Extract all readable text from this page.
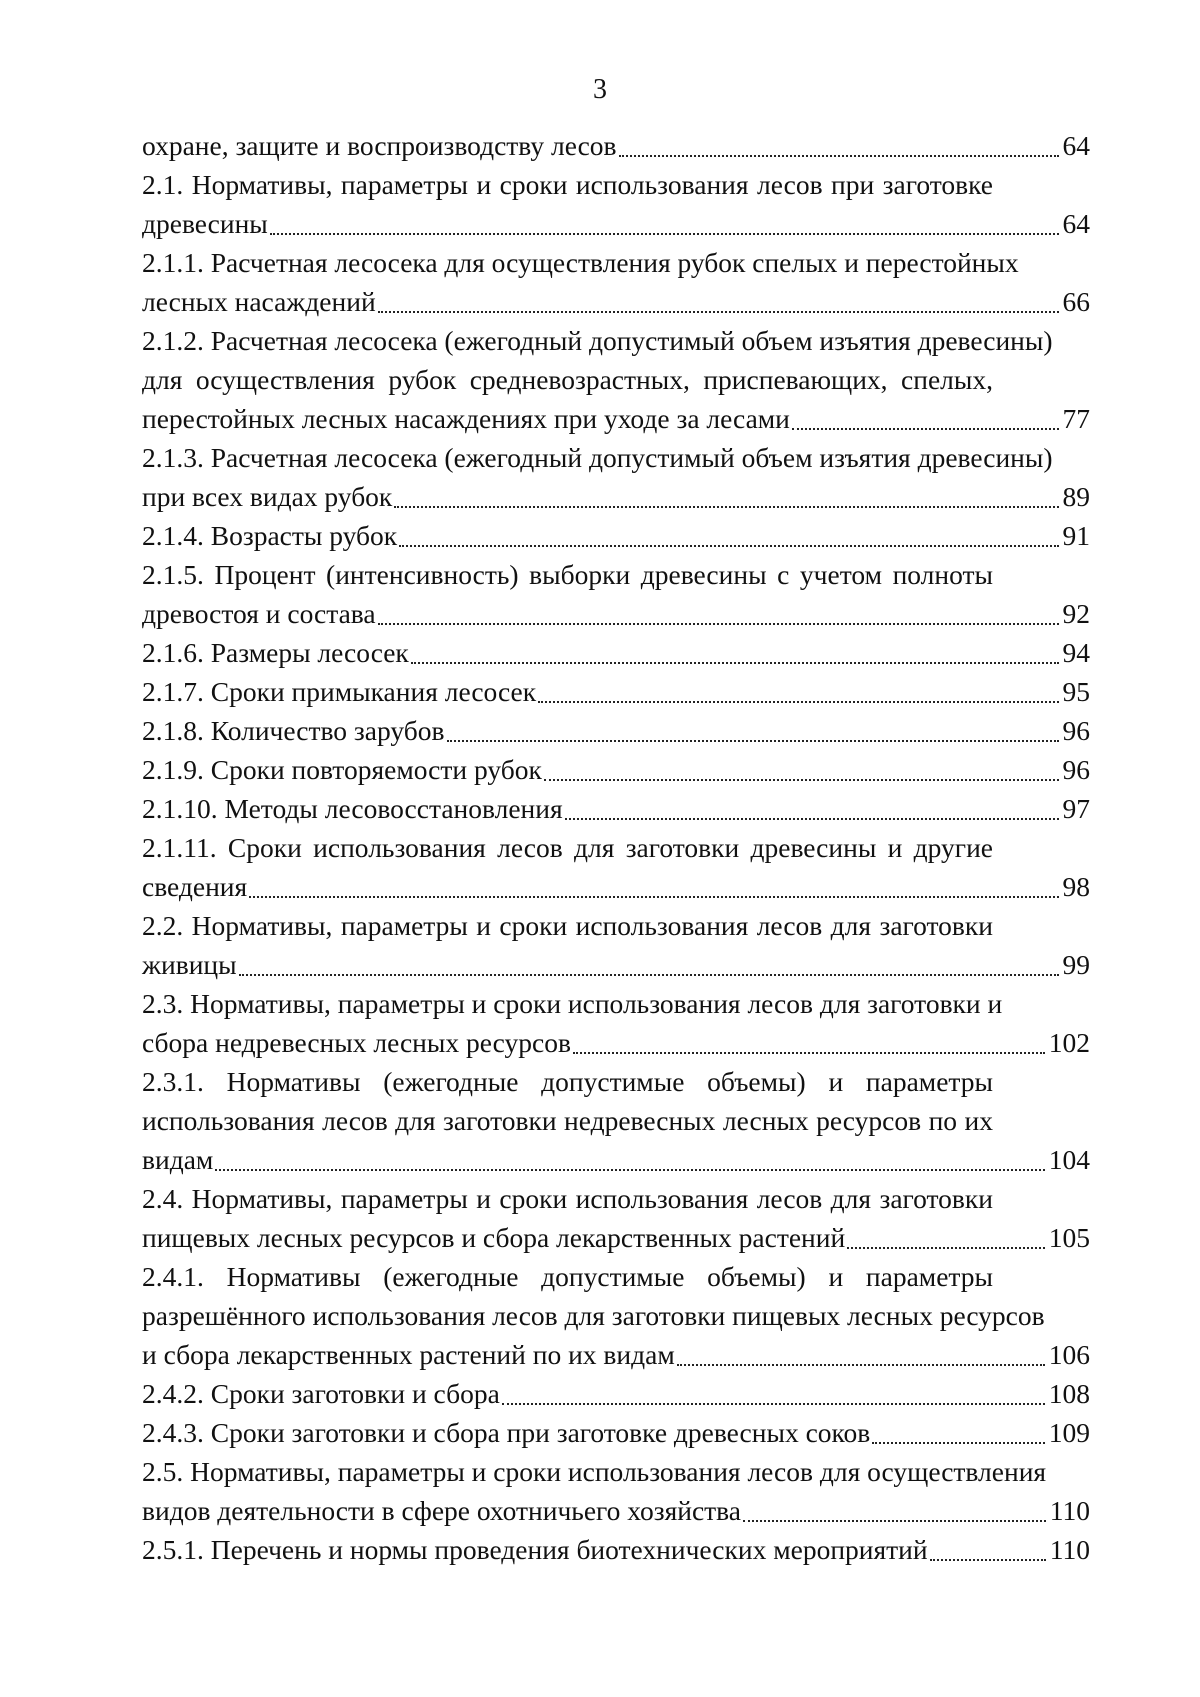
3
охране, защите и воспроизводству лесов	64
2.1. Нормативы, параметры и сроки использования лесов при заготовке
древесины	64
2.1.1. Расчетная лесосека для осуществления рубок спелых и перестойных
лесных насаждений	66
2.1.2. Расчетная лесосека (ежегодный допустимый объем изъятия древесины)
для осуществления рубок средневозрастных, приспевающих, спелых,
перестойных лесных насаждениях при уходе за лесами	77
2.1.3. Расчетная лесосека (ежегодный допустимый объем изъятия древесины)
при всех видах рубок	89
2.1.4. Возрасты рубок	91
2.1.5. Процент (интенсивность) выборки древесины с учетом полноты
древостоя и состава	92
2.1.6. Размеры лесосек	94
2.1.7. Сроки примыкания лесосек	95
2.1.8. Количество зарубов	96
2.1.9. Сроки повторяемости рубок	96
2.1.10. Методы лесовосстановления	97
2.1.11. Сроки использования лесов для заготовки древесины и другие
сведения	98
2.2. Нормативы, параметры и сроки использования лесов для заготовки
живицы	99
2.3. Нормативы, параметры и сроки использования лесов для заготовки и
сбора недревесных лесных ресурсов	102
2.3.1. Нормативы (ежегодные допустимые объемы) и параметры
использования лесов для заготовки недревесных лесных ресурсов по их
видам	104
2.4. Нормативы, параметры и сроки использования лесов для заготовки
пищевых лесных ресурсов и сбора лекарственных растений	105
2.4.1. Нормативы (ежегодные допустимые объемы) и параметры
разрешённого использования лесов для заготовки пищевых лесных ресурсов
и сбора лекарственных растений по их видам	106
2.4.2. Сроки заготовки и сбора	108
2.4.3. Сроки заготовки и сбора при заготовке древесных соков	109
2.5. Нормативы, параметры и сроки использования лесов для осуществления
видов деятельности в сфере охотничьего хозяйства	110
2.5.1. Перечень и нормы проведения биотехнических мероприятий	110
